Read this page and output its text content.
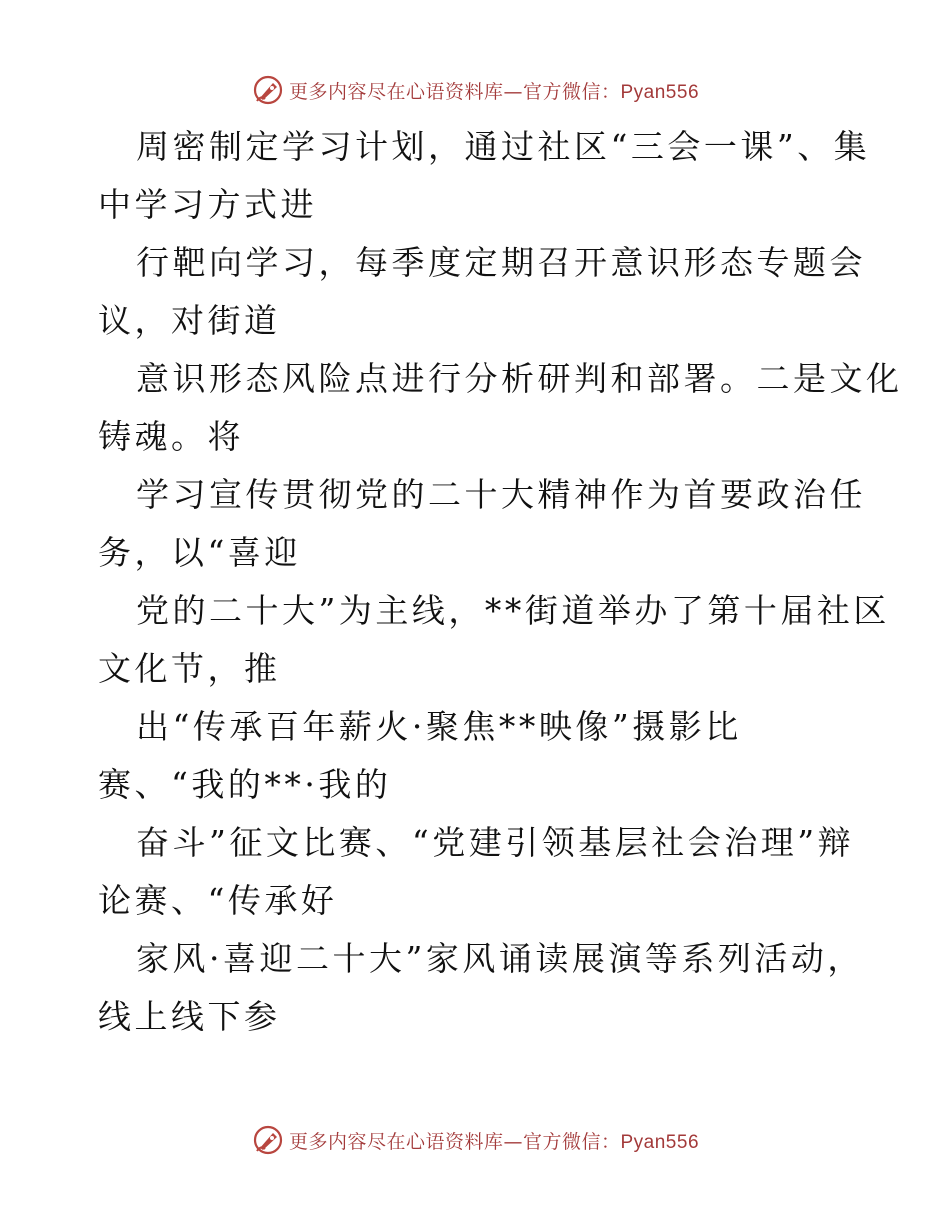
更多内容尽在心语资料库—官方微信：Pyan556
周密制定学习计划，通过社区“三会一课”、集
中学习方式进
行靶向学习，每季度定期召开意识形态专题会
议，对街道
意识形态风险点进行分析研判和部署。二是文化
铸魂。将
学习宣传贯彻党的二十大精神作为首要政治任
务，以“喜迎
党的二十大”为主线，**街道举办了第十届社区
文化节，推
出“传承百年薪火·聚焦**映像”摄影比
赛、“我的**·我的
奋斗”征文比赛、“党建引领基层社会治理”辩
论赛、“传承好
家风·喜迎二十大”家风诵读展演等系列活动，
线上线下参
更多内容尽在心语资料库—官方微信：Pyan556
